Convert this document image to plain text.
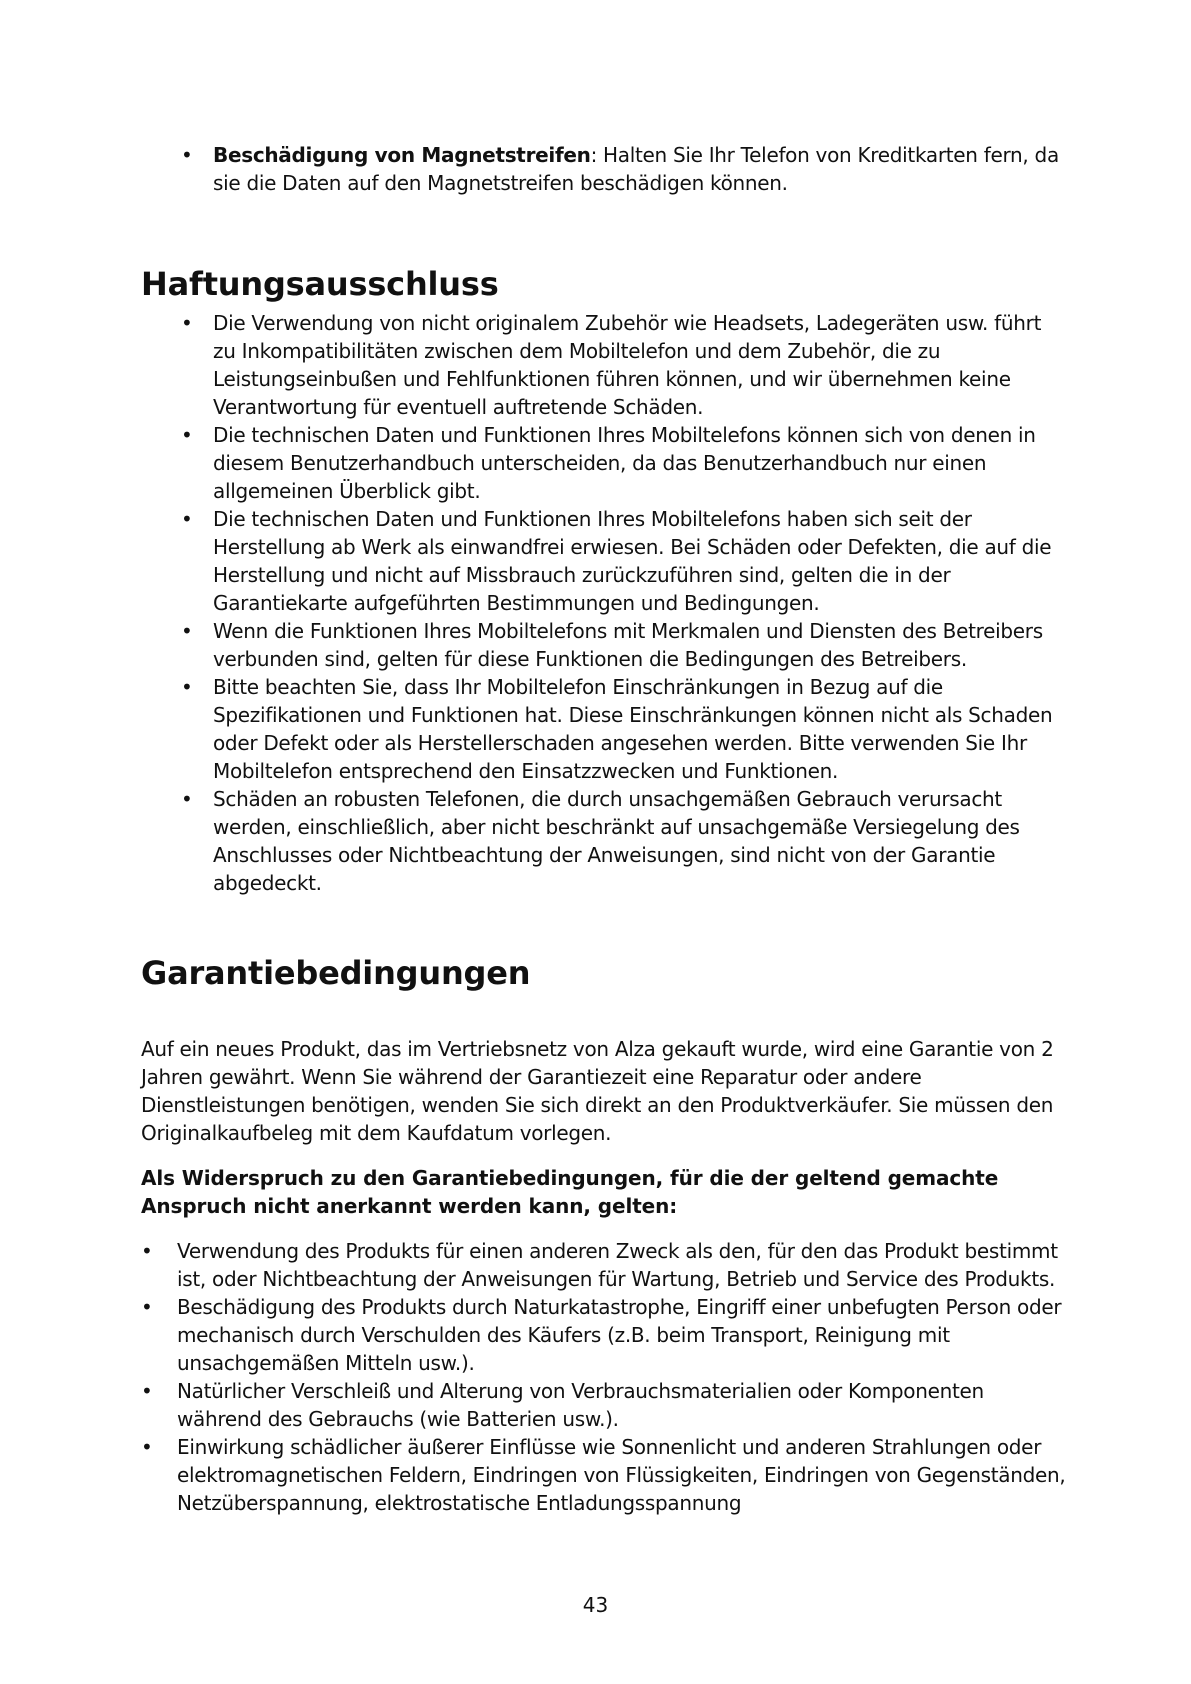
• Beschädigung von Magnetstreifen: Halten Sie Ihr Telefon von Kreditkarten fern, da sie die Daten auf den Magnetstreifen beschädigen können.
Haftungsausschluss
• Die Verwendung von nicht originalem Zubehör wie Headsets, Ladegeräten usw. führt zu Inkompatibilitäten zwischen dem Mobiltelefon und dem Zubehör, die zu Leistungseinbußen und Fehlfunktionen führen können, und wir übernehmen keine Verantwortung für eventuell auftretende Schäden.
• Die technischen Daten und Funktionen Ihres Mobiltelefons können sich von denen in diesem Benutzerhandbuch unterscheiden, da das Benutzerhandbuch nur einen allgemeinen Überblick gibt.
• Die technischen Daten und Funktionen Ihres Mobiltelefons haben sich seit der Herstellung ab Werk als einwandfrei erwiesen. Bei Schäden oder Defekten, die auf die Herstellung und nicht auf Missbrauch zurückzuführen sind, gelten die in der Garantiekarte aufgeführten Bestimmungen und Bedingungen.
• Wenn die Funktionen Ihres Mobiltelefons mit Merkmalen und Diensten des Betreibers verbunden sind, gelten für diese Funktionen die Bedingungen des Betreibers.
• Bitte beachten Sie, dass Ihr Mobiltelefon Einschränkungen in Bezug auf die Spezifikationen und Funktionen hat. Diese Einschränkungen können nicht als Schaden oder Defekt oder als Herstellerschaden angesehen werden. Bitte verwenden Sie Ihr Mobiltelefon entsprechend den Einsatzzwecken und Funktionen.
• Schäden an robusten Telefonen, die durch unsachgemäßen Gebrauch verursacht werden, einschließlich, aber nicht beschränkt auf unsachgemäße Versiegelung des Anschlusses oder Nichtbeachtung der Anweisungen, sind nicht von der Garantie abgedeckt.
Garantiebedingungen

Auf ein neues Produkt, das im Vertriebsnetz von Alza gekauft wurde, wird eine Garantie von 2 Jahren gewährt. Wenn Sie während der Garantiezeit eine Reparatur oder andere Dienstleistungen benötigen, wenden Sie sich direkt an den Produktverkäufer. Sie müssen den Originalkaufbeleg mit dem Kaufdatum vorlegen.

Als Widerspruch zu den Garantiebedingungen, für die der geltend gemachte Anspruch nicht anerkannt werden kann, gelten:

• Verwendung des Produkts für einen anderen Zweck als den, für den das Produkt bestimmt ist, oder Nichtbeachtung der Anweisungen für Wartung, Betrieb und Service des Produkts.
• Beschädigung des Produkts durch Naturkatastrophe, Eingriff einer unbefugten Person oder mechanisch durch Verschulden des Käufers (z.B. beim Transport, Reinigung mit unsachgemäßen Mitteln usw.).
• Natürlicher Verschleiß und Alterung von Verbrauchsmaterialien oder Komponenten während des Gebrauchs (wie Batterien usw.).
• Einwirkung schädlicher äußerer Einflüsse wie Sonnenlicht und anderen Strahlungen oder elektromagnetischen Feldern, Eindringen von Flüssigkeiten, Eindringen von Gegenständen, Netzüberspannung, elektrostatische Entladungsspannung
43
